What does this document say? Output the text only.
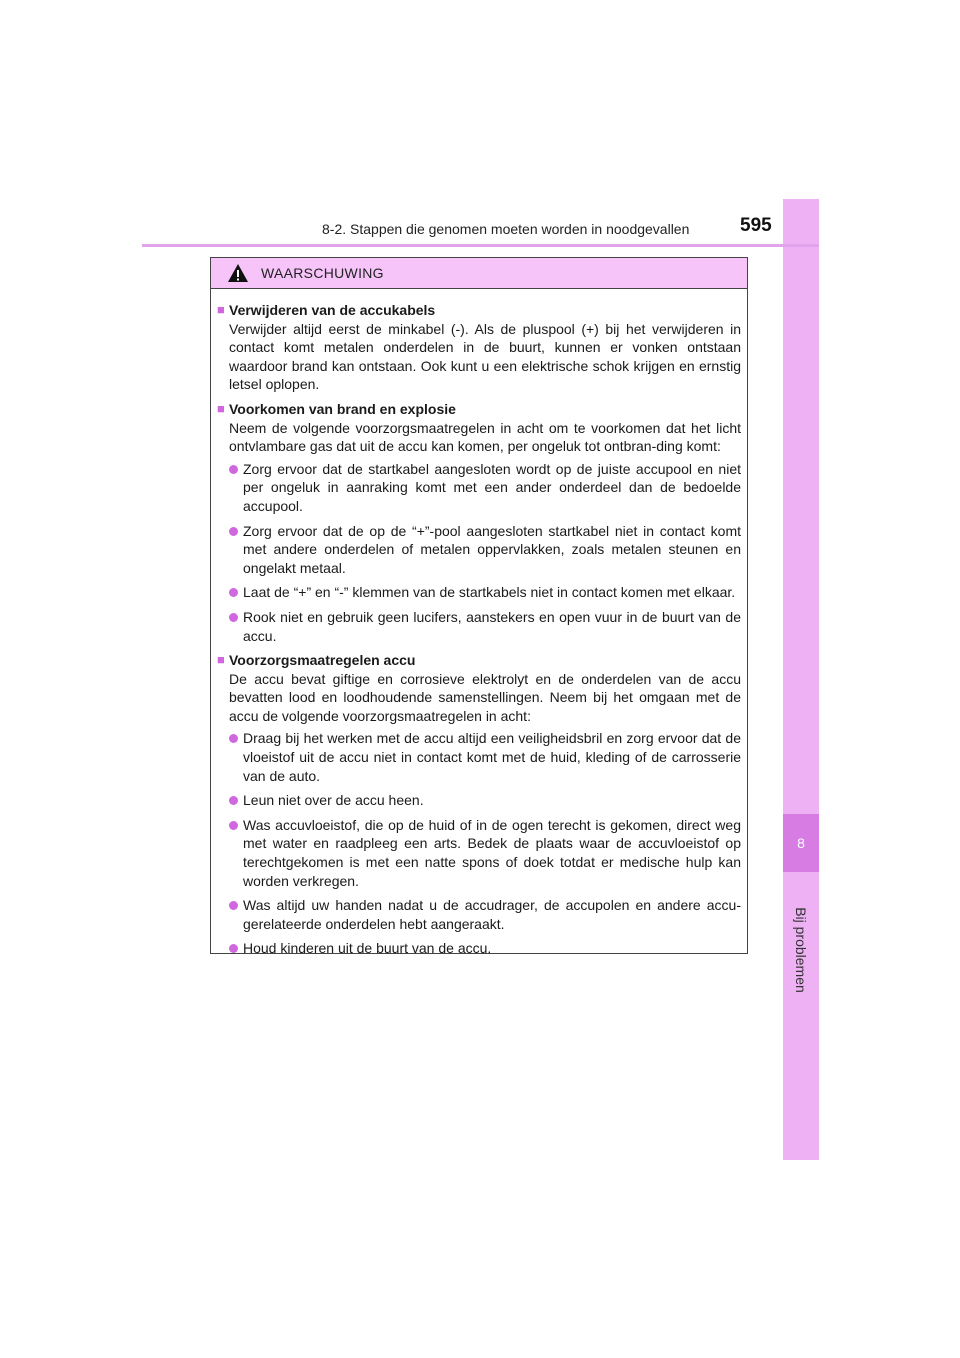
8
Bij problemen
8-2. Stappen die genomen moeten worden in noodgevallen	595
WAARSCHUWING
■ Verwijderen van de accukabels
Verwijder altijd eerst de minkabel (-). Als de pluspool (+) bij het verwijderen in contact komt metalen onderdelen in de buurt, kunnen er vonken ontstaan waardoor brand kan ontstaan. Ook kunt u een elektrische schok krijgen en ernstig letsel oplopen.
■ Voorkomen van brand en explosie
Neem de volgende voorzorgsmaatregelen in acht om te voorkomen dat het licht ontvlambare gas dat uit de accu kan komen, per ongeluk tot ontbran-ding komt:
Zorg ervoor dat de startkabel aangesloten wordt op de juiste accupool en niet per ongeluk in aanraking komt met een ander onderdeel dan de bedoelde accupool.
Zorg ervoor dat de op de “+”-pool aangesloten startkabel niet in contact komt met andere onderdelen of metalen oppervlakken, zoals metalen steunen en ongelakt metaal.
Laat de “+” en “-” klemmen van de startkabels niet in contact komen met elkaar.
Rook niet en gebruik geen lucifers, aanstekers en open vuur in de buurt van de accu.
■ Voorzorgsmaatregelen accu
De accu bevat giftige en corrosieve elektrolyt en de onderdelen van de accu bevatten lood en loodhoudende samenstellingen. Neem bij het omgaan met de accu de volgende voorzorgsmaatregelen in acht:
Draag bij het werken met de accu altijd een veiligheidsbril en zorg ervoor dat de vloeistof uit de accu niet in contact komt met de huid, kleding of de carrosserie van de auto.
Leun niet over de accu heen.
Was accuvloeistof, die op de huid of in de ogen terecht is gekomen, direct weg met water en raadpleeg een arts. Bedek de plaats waar de accuvloeistof op terechtgekomen is met een natte spons of doek totdat er medische hulp kan worden verkregen.
Was altijd uw handen nadat u de accudrager, de accupolen en andere accu-gerelateerde onderdelen hebt aangeraakt.
Houd kinderen uit de buurt van de accu.
